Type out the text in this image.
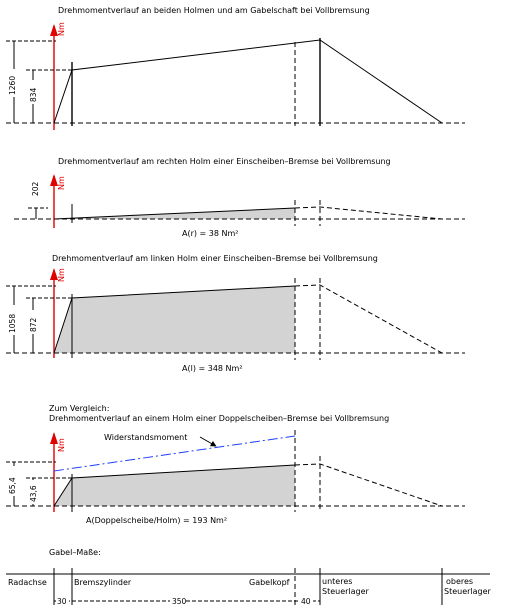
Drehmomentverlauf an beiden Holmen und am Gabelschaft bei Vollbremsung
Nm
1260 834
Drehmomentverlauf am rechten Holm einer Einscheiben–Bremse bei Vollbremsung
Nm
202
A(r) = 38 Nm²
Drehmomentverlauf am linken Holm einer Einscheiben–Bremse bei Vollbremsung
Nm
1058 872
A(l) = 348 Nm²
Zum Vergleich:
Drehmomentverlauf an einem Holm einer Doppelscheiben–Bremse bei Vollbremsung
Nm
Widerstandsmoment
65,4 43,6
A(Doppelscheibe/Holm) = 193 Nm²
Gabel–Maße:
Radachse	Bremszylinder	Gabelkopf	unteres
Steuerlager
oberes
Steuerlager
30	350	40
